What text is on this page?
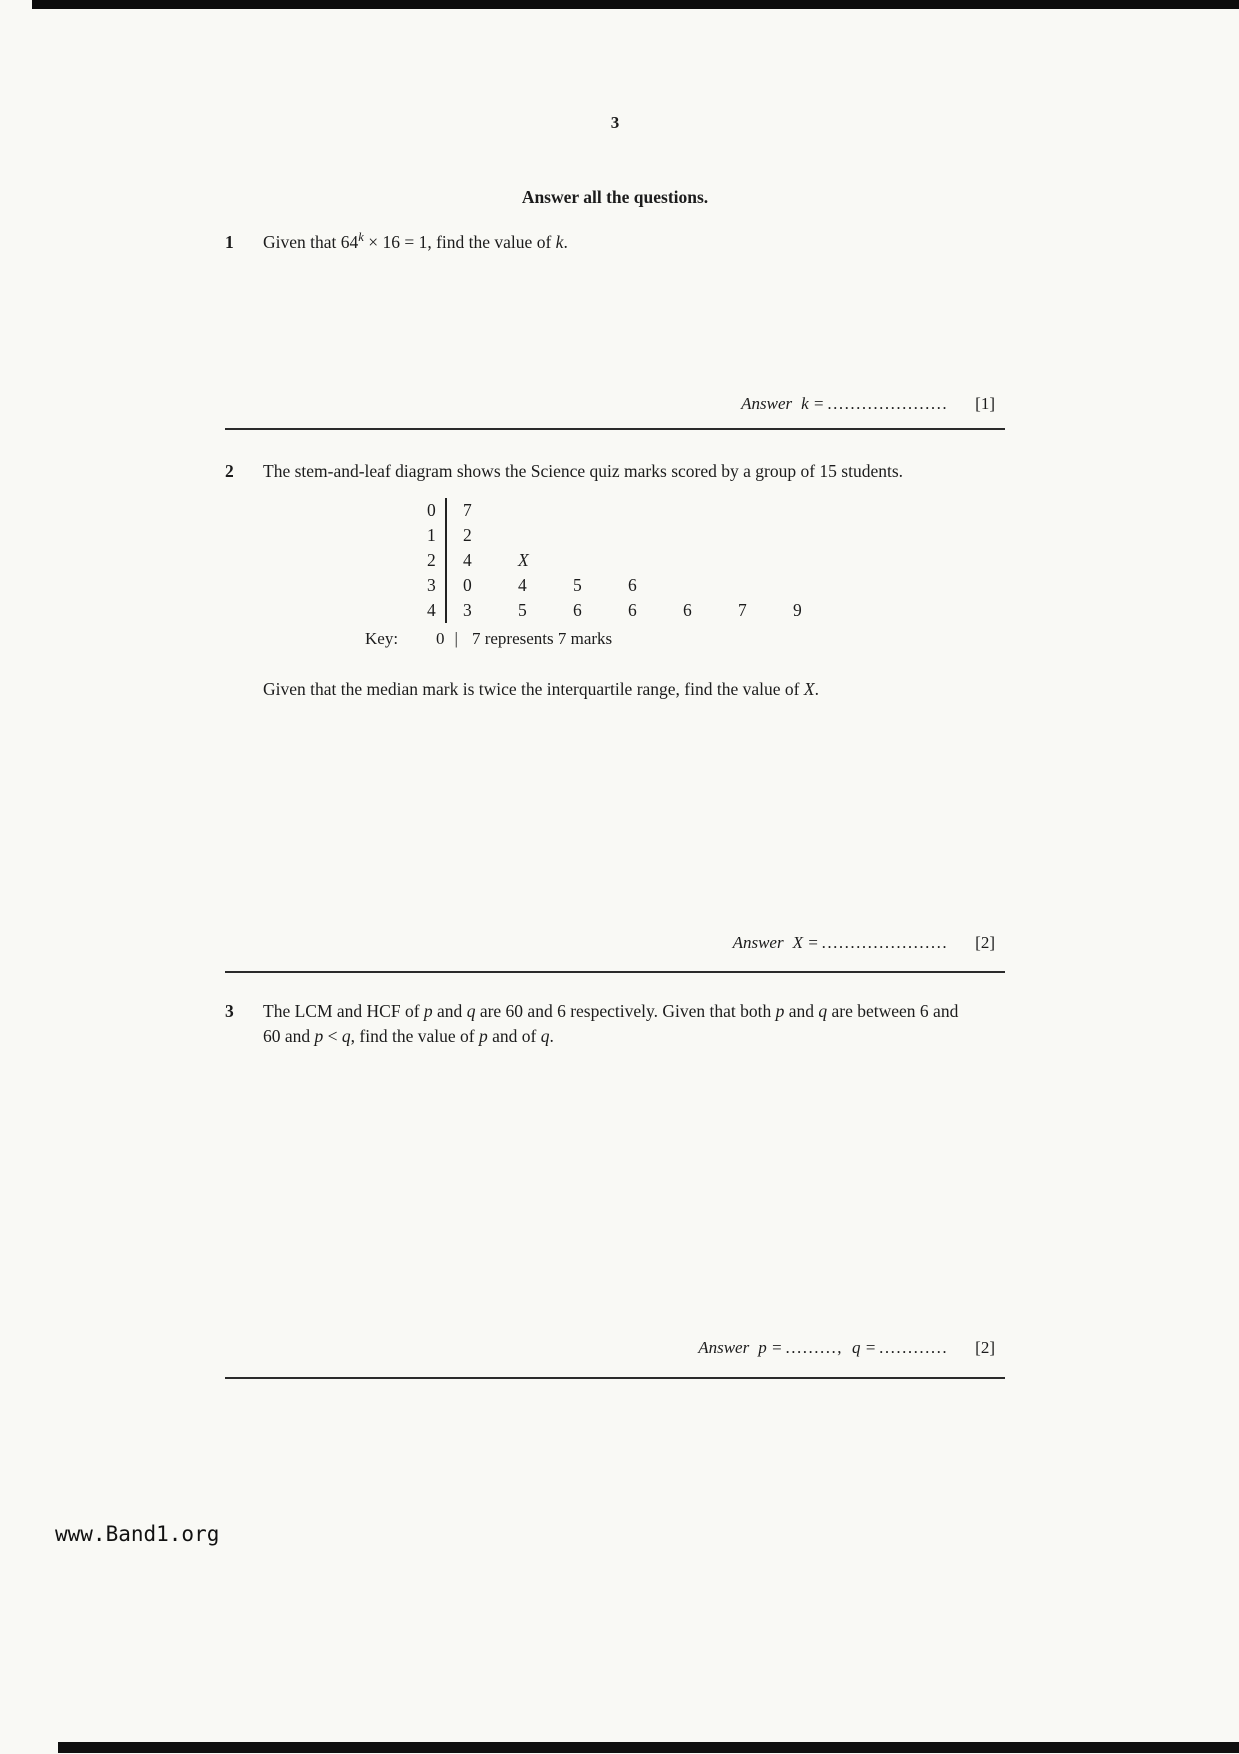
3
Answer all the questions.
1	Given that $64^k \times 16 = 1$, find the value of k.
Answer k = ..................... [1]
2	The stem-and-leaf diagram shows the Science quiz marks scored by a group of 15 students.
0	7
1	2
2	4	X
3	0	4	5	6
4	3	5	6	6	6	7	9
Key: 0 | 7 represents 7 marks
Given that the median mark is twice the interquartile range, find the value of X.
Answer X = ...................... [2]
3	The LCM and HCF of p and q are 60 and 6 respectively. Given that both p and q are between 6 and 60 and p < q, find the value of p and of q.
Answer p = ........., q = ............ [2]
www.Band1.org
